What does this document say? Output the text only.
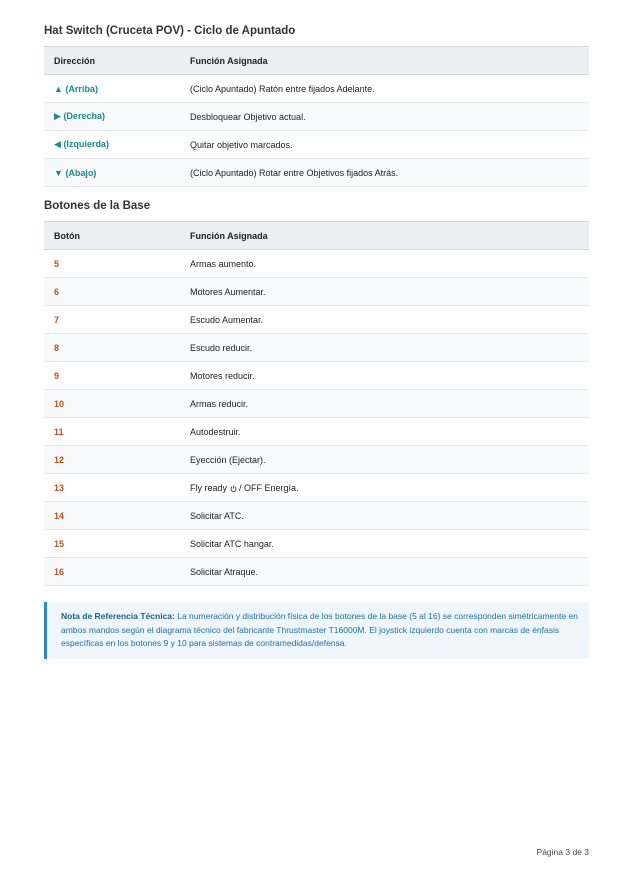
Hat Switch (Cruceta POV) - Ciclo de Apuntado
Dirección	Función Asignada
▲ (Arriba)	(Ciclo Apuntado) Ratón entre fijados Adelante.
▶ (Derecha)	Desbloquear Objetivo actual.
◀ (Izquierda)	Quitar objetivo marcados.
▼ (Abajo)	(Ciclo Apuntado) Rotar entre Objetivos fijados Atrás.
Botones de la Base
Botón	Función Asignada
5	Armas aumento.
6	Motores Aumentar.
7	Escudo Aumentar.
8	Escudo reducir.
9	Motores reducir.
10	Armas reducir.
11	Autodestruir.
12	Eyección (Ejectar).
13	Fly ready / OFF Energía.
14	Solicitar ATC.
15	Solicitar ATC hangar.
16	Solicitar Atraque.
Nota de Referencia Técnica: La numeración y distribución física de los botones de la base (5 al 16) se corresponden simétricamente en ambos mandos según el diagrama técnico del fabricante Thrustmaster T16000M. El joystick izquierdo cuenta con marcas de énfasis específicas en los botones 9 y 10 para sistemas de contramedidas/defensa.
Página 3 de 3
